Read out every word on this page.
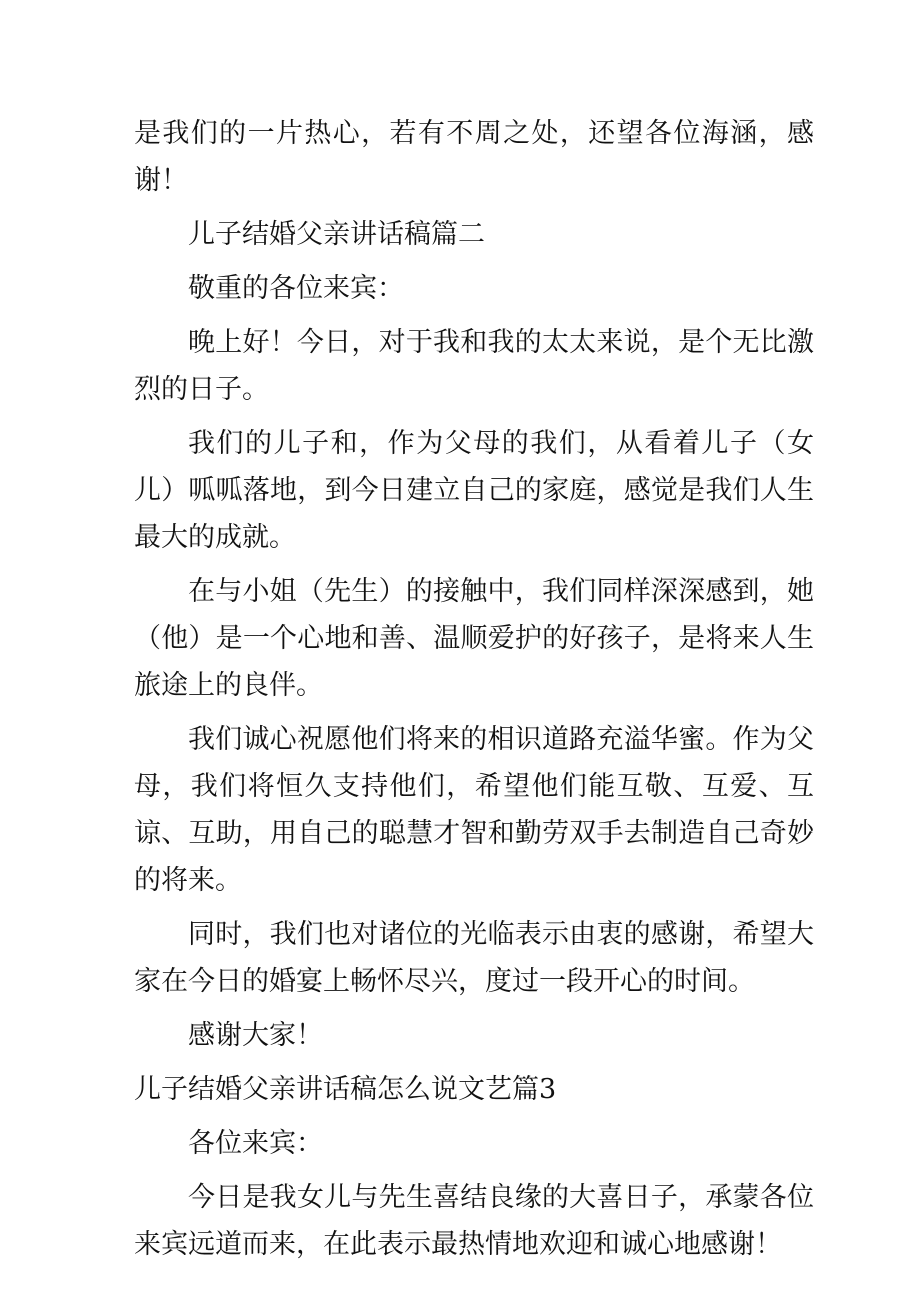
是我们的一片热心，若有不周之处，还望各位海涵，感谢！

儿子结婚父亲讲话稿篇二

敬重的各位来宾：

晚上好！今日，对于我和我的太太来说，是个无比激烈的日子。

我们的儿子和，作为父母的我们，从看着儿子（女儿）呱呱落地，到今日建立自己的家庭，感觉是我们人生最大的成就。

在与小姐（先生）的接触中，我们同样深深感到，她（他）是一个心地和善、温顺爱护的好孩子，是将来人生旅途上的良伴。

我们诚心祝愿他们将来的相识道路充溢华蜜。作为父母，我们将恒久支持他们，希望他们能互敬、互爱、互谅、互助，用自己的聪慧才智和勤劳双手去制造自己奇妙的将来。

同时，我们也对诸位的光临表示由衷的感谢，希望大家在今日的婚宴上畅怀尽兴，度过一段开心的时间。

感谢大家！

儿子结婚父亲讲话稿怎么说文艺篇3

各位来宾：

今日是我女儿与先生喜结良缘的大喜日子，承蒙各位来宾远道而来，在此表示最热情地欢迎和诚心地感谢！
